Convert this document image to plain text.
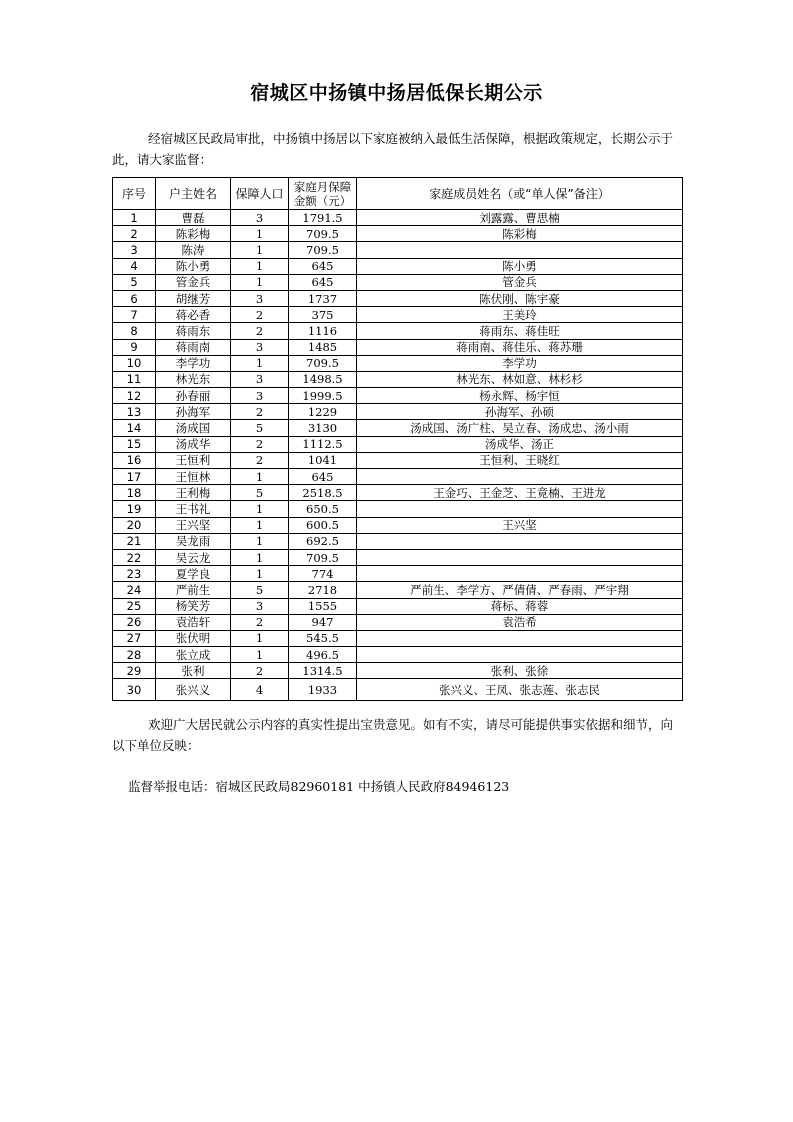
宿城区中扬镇中扬居低保长期公示
经宿城区民政局审批，中扬镇中扬居以下家庭被纳入最低生活保障，根据政策规定，长期公示于此，请大家监督：
序号	户主姓名	保障人口	家庭月保障金额（元）	家庭成员姓名（或“单人保”备注）
1	曹磊	3	1791.5	刘露露、曹思楠
2	陈彩梅	1	709.5	陈彩梅
3	陈涛	1	709.5	
4	陈小勇	1	645	陈小勇
5	管金兵	1	645	管金兵
6	胡继芳	3	1737	陈伏刚、陈宇豪
7	蒋必香	2	375	王美玲
8	蒋雨东	2	1116	蒋雨东、蒋佳旺
9	蒋雨南	3	1485	蒋雨南、蒋佳乐、蒋苏珊
10	李学功	1	709.5	李学功
11	林光东	3	1498.5	林光东、林如意、林杉杉
12	孙春丽	3	1999.5	杨永辉、杨宇恒
13	孙海军	2	1229	孙海军、孙硕
14	汤成国	5	3130	汤成国、汤广柱、吴立春、汤成忠、汤小雨
15	汤成华	2	1112.5	汤成华、汤正
16	王恒利	2	1041	王恒利、王晓红
17	王恒林	1	645	
18	王利梅	5	2518.5	王金巧、王金芝、王竟楠、王进龙
19	王书礼	1	650.5	
20	王兴坚	1	600.5	王兴坚
21	吴龙雨	1	692.5	
22	吴云龙	1	709.5	
23	夏学良	1	774	
24	严前生	5	2718	严前生、李学方、严倩倩、严春雨、严宇翔
25	杨笑芳	3	1555	蒋标、蒋蓉
26	袁浩轩	2	947	袁浩希
27	张伏明	1	545.5	
28	张立成	1	496.5	
29	张利	2	1314.5	张利、张徐
30	张兴义	4	1933	张兴义、王凤、张志莲、张志民
欢迎广大居民就公示内容的真实性提出宝贵意见。如有不实，请尽可能提供事实依据和细节，向以下单位反映：
监督举报电话：宿城区民政局82960181 中扬镇人民政府84946123
